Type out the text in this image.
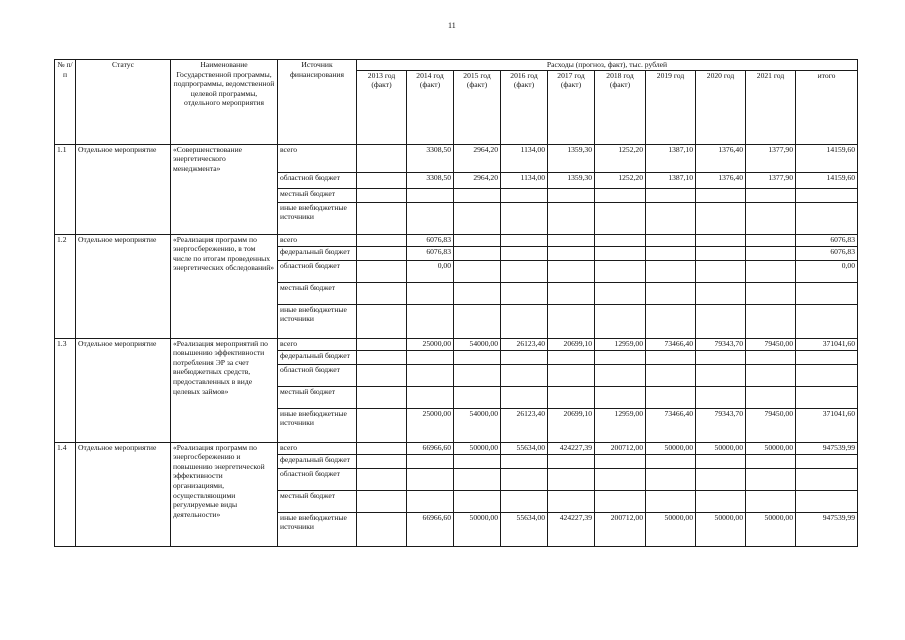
11
№ п/п	Статус	Наименование Государственной программы, подпрограммы, ведомственной целевой программы, отдельного мероприятия	Источник финансирования	Расходы (прогноз, факт), тыс. рублей									
				2013 год (факт)	2014 год (факт)	2015 год (факт)	2016 год (факт)	2017 год (факт)	2018 год (факт)	2019 год	2020 год	2021 год	итого
1.1	Отдельное мероприятие	«Совершенствование энергетического менеджмента»	всего		3308,50	2964,20	1134,00	1359,30	1252,20	1387,10	1376,40	1377,90	14159,60
			областной бюджет		3308,50	2964,20	1134,00	1359,30	1252,20	1387,10	1376,40	1377,90	14159,60
			местный бюджет										
			иные внебюджетные источники										
1.2	Отдельное мероприятие	«Реализация программ по энергосбережению, в том числе по итогам проведенных энергетических обследований»	всего		6076,83								6076,83
			федеральный бюджет		6076,83								6076,83
			областной бюджет		0,00								0,00
			местный бюджет										
			иные внебюджетные источники										
1.3	Отдельное мероприятие	«Реализация мероприятий по повышению эффективности потребления ЭР за счет внебюджетных средств, предоставленных в виде целевых займов»	всего		25000,00	54000,00	26123,40	20699,10	12959,00	73466,40	79343,70	79450,00	371041,60
			федеральный бюджет										
			областной бюджет										
			местный бюджет										
			иные внебюджетные источники		25000,00	54000,00	26123,40	20699,10	12959,00	73466,40	79343,70	79450,00	371041,60
1.4	Отдельное мероприятие	«Реализация программ по энергосбережению и повышению энергетической эффективности организациями, осуществляющими регулируемые виды деятельности»	всего		66966,60	50000,00	55634,00	424227,39	200712,00	50000,00	50000,00	50000,00	947539,99
			федеральный бюджет										
			областной бюджет										
			местный бюджет										
			иные внебюджетные источники		66966,60	50000,00	55634,00	424227,39	200712,00	50000,00	50000,00	50000,00	947539,99
